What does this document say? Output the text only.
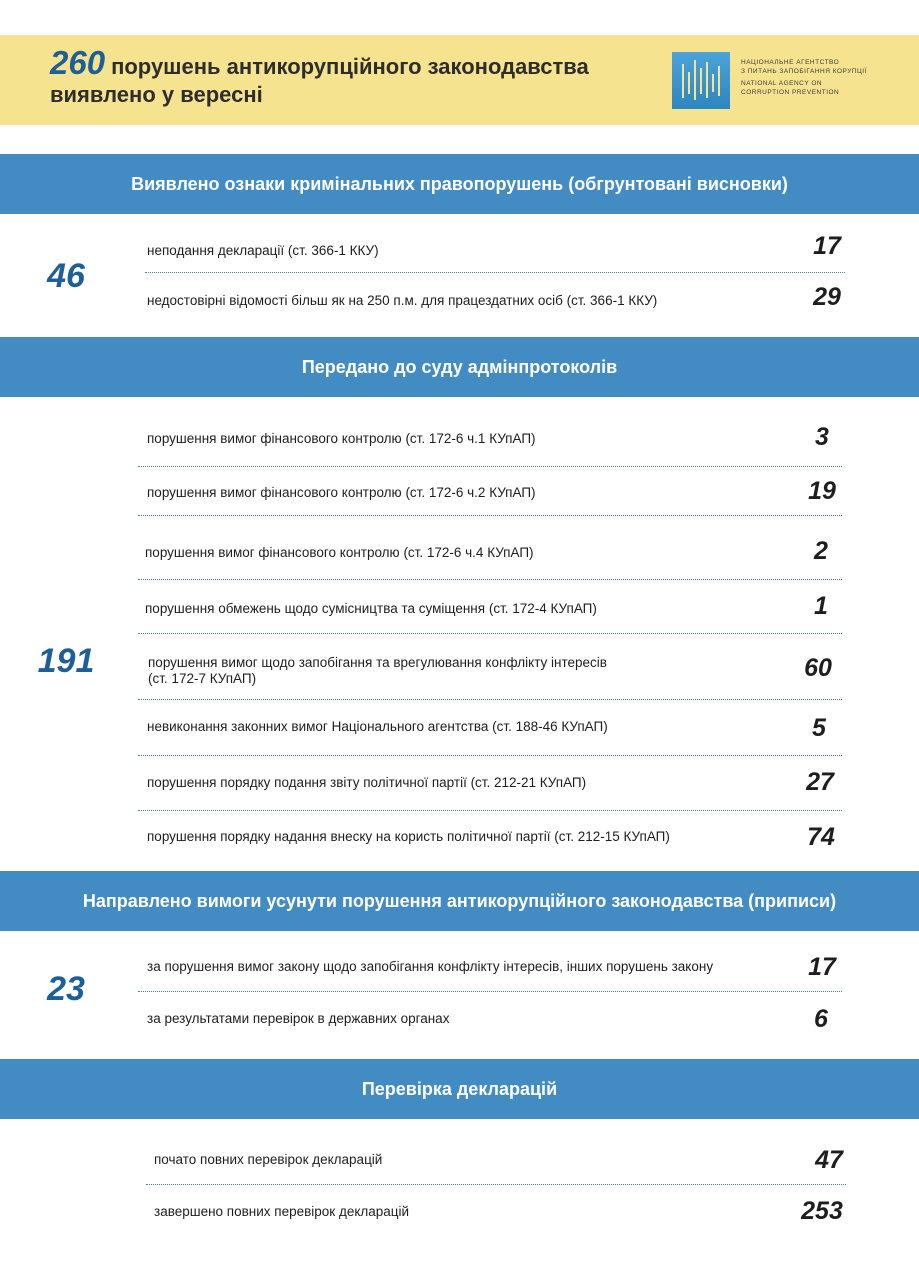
260 порушень антикорупційного законодавства
виявлено у вересні
НАЦІОНАЛЬНЕ АГЕНТСТВО
З ПИТАНЬ ЗАПОБІГАННЯ КОРУПЦІЇ
NATIONAL AGENCY ON
CORRUPTION PREVENTION
Виявлено ознаки кримінальних правопорушень (обгрунтовані висновки)
46
неподання декларації (ст. 366-1 ККУ)	17
недостовірні відомості більш як на 250 п.м. для працездатних осіб (ст. 366-1 ККУ)	29
Передано до суду адмінпротоколів
191
порушення вимог фінансового контролю (ст. 172-6 ч.1 КУпАП)	3
порушення вимог фінансового контролю (ст. 172-6 ч.2 КУпАП)	19
порушення вимог фінансового контролю (ст. 172-6 ч.4 КУпАП)	2
порушення обмежень щодо сумісництва та суміщення (ст. 172-4 КУпАП)	1
порушення вимог щодо запобігання та врегулювання конфлікту інтересів
(ст. 172-7 КУпАП)	60
невиконання законних вимог Національного агентства (ст. 188-46 КУпАП)	5
порушення порядку подання звіту політичної партії (ст. 212-21 КУпАП)	27
порушення порядку надання внеску на користь політичної партії (ст. 212-15 КУпАП)	74
Направлено вимоги усунути порушення антикорупційного законодавства (приписи)
23
за порушення вимог закону щодо запобігання конфлікту інтересів, інших порушень закону	17
за результатами перевірок в державних органах	6
Перевірка декларацій
почато повних перевірок декларацій	47
завершено повних перевірок декларацій	253
